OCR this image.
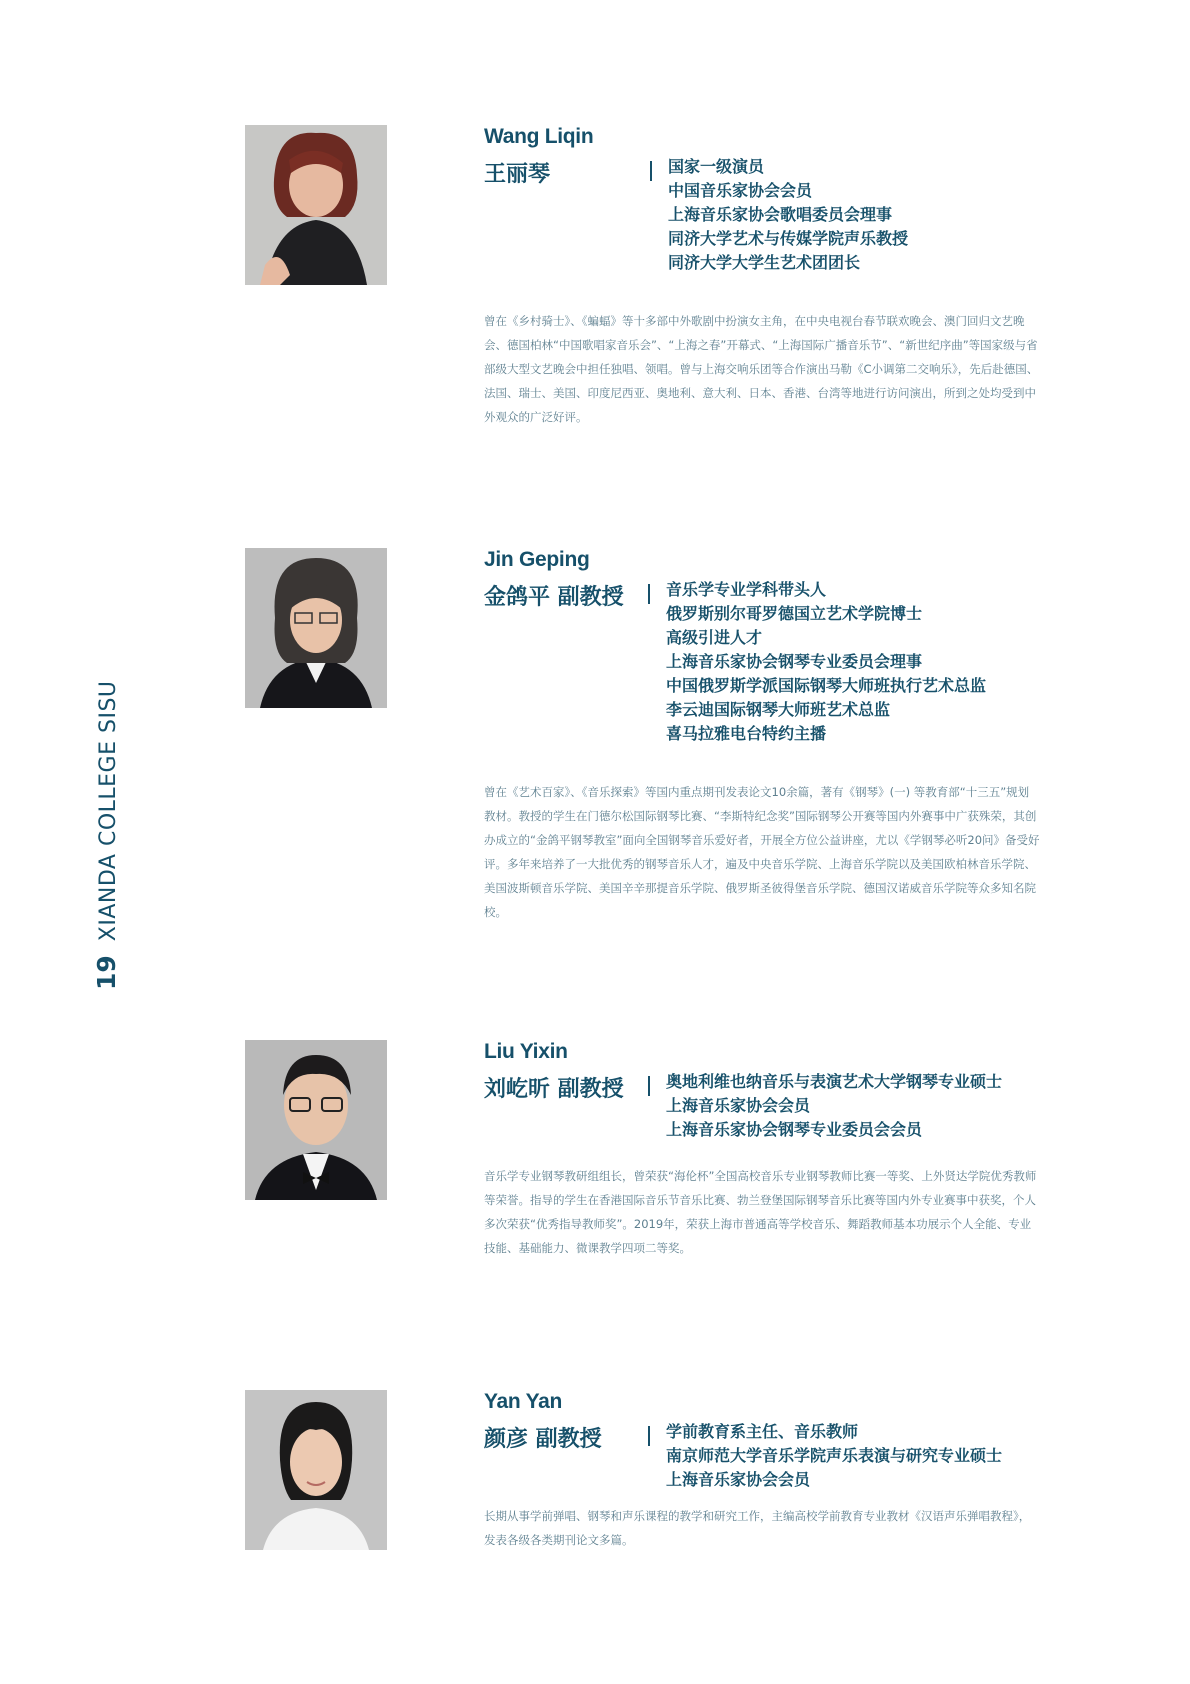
19
XIANDA COLLEGE SISU
Wang Liqin
王丽琴	国家一级演员
中国音乐家协会会员
上海音乐家协会歌唱委员会理事
同济大学艺术与传媒学院声乐教授
同济大学大学生艺术团团长

曾在《乡村骑士》、《蝙蝠》等十多部中外歌剧中扮演女主角，在中央电视台春节联欢晚会、澳门回归文艺晚会、德国柏林“中国歌唱家音乐会”、“上海之春”开幕式、“上海国际广播音乐节”、“新世纪序曲”等国家级与省部级大型文艺晚会中担任独唱、领唱。曾与上海交响乐团等合作演出马勒《C小调第二交响乐》，先后赴德国、法国、瑞士、美国、印度尼西亚、奥地利、意大利、日本、香港、台湾等地进行访问演出，所到之处均受到中外观众的广泛好评。

Jin Geping
金鸽平 副教授	音乐学专业学科带头人
俄罗斯别尔哥罗德国立艺术学院博士
高级引进人才
上海音乐家协会钢琴专业委员会理事
中国俄罗斯学派国际钢琴大师班执行艺术总监
李云迪国际钢琴大师班艺术总监
喜马拉雅电台特约主播

曾在《艺术百家》、《音乐探索》等国内重点期刊发表论文10余篇，著有《钢琴》(一) 等教育部“十三五”规划教材。教授的学生在门德尔松国际钢琴比赛、“李斯特纪念奖”国际钢琴公开赛等国内外赛事中广获殊荣，其创办成立的“金鸽平钢琴教室”面向全国钢琴音乐爱好者，开展全方位公益讲座，尤以《学钢琴必听20问》备受好评。多年来培养了一大批优秀的钢琴音乐人才，遍及中央音乐学院、上海音乐学院以及美国欧柏林音乐学院、美国波斯顿音乐学院、美国辛辛那提音乐学院、俄罗斯圣彼得堡音乐学院、德国汉诺威音乐学院等众多知名院校。

Liu Yixin
刘屹昕 副教授	奥地利维也纳音乐与表演艺术大学钢琴专业硕士
上海音乐家协会会员
上海音乐家协会钢琴专业委员会会员

音乐学专业钢琴教研组组长，曾荣获“海伦杯”全国高校音乐专业钢琴教师比赛一等奖、上外贤达学院优秀教师等荣誉。指导的学生在香港国际音乐节音乐比赛、勃兰登堡国际钢琴音乐比赛等国内外专业赛事中获奖，个人多次荣获“优秀指导教师奖”。2019年，荣获上海市普通高等学校音乐、舞蹈教师基本功展示个人全能、专业技能、基础能力、微课教学四项二等奖。

Yan Yan
颜彦 副教授	学前教育系主任、音乐教师
南京师范大学音乐学院声乐表演与研究专业硕士
上海音乐家协会会员

长期从事学前弹唱、钢琴和声乐课程的教学和研究工作，主编高校学前教育专业教材《汉语声乐弹唱教程》，发表各级各类期刊论文多篇。
